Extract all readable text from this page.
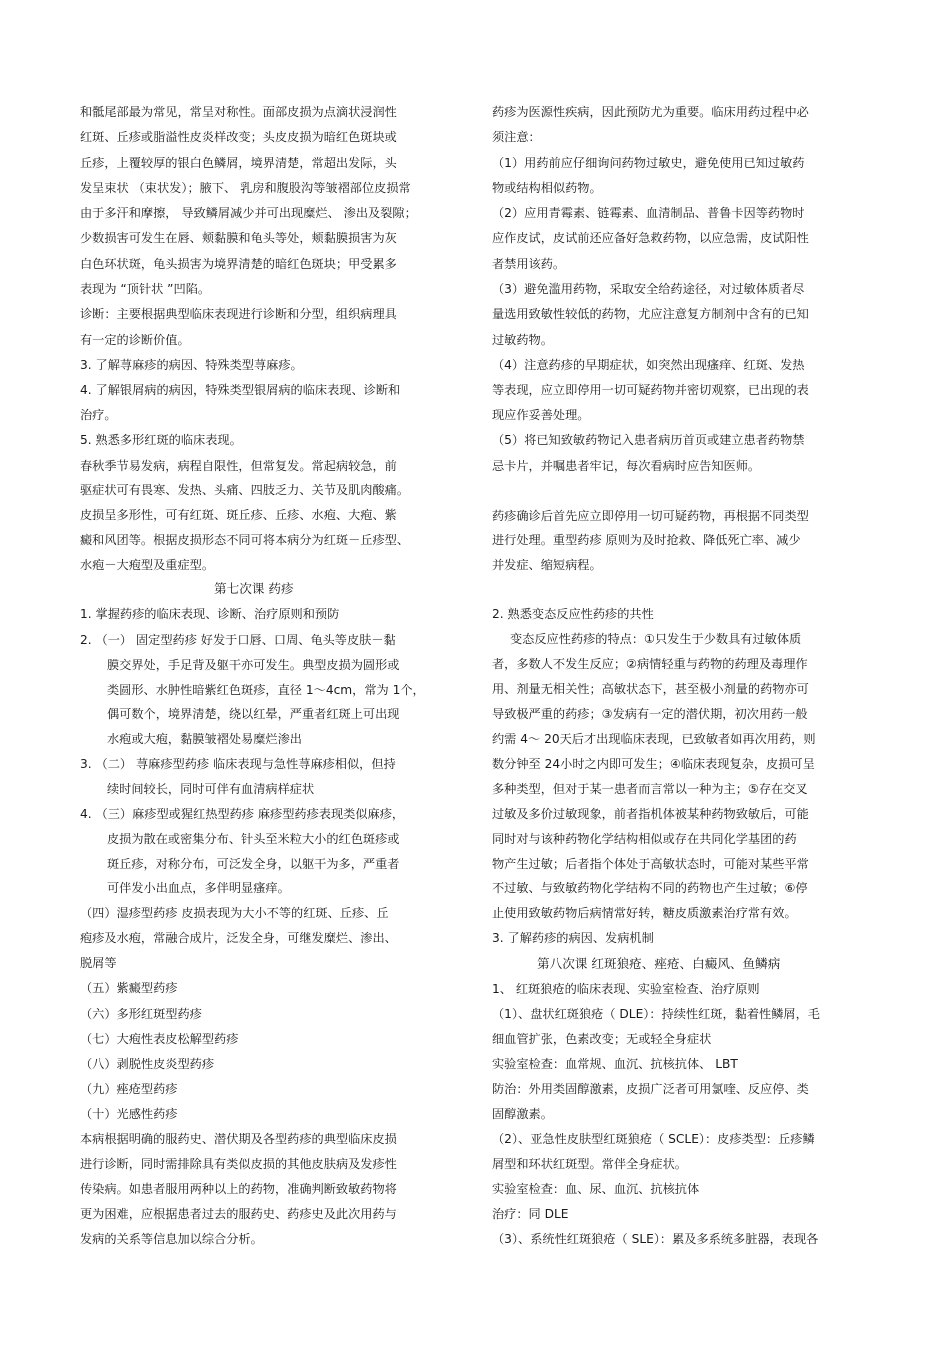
和骶尾部最为常见，常呈对称性。面部皮损为点滴状浸润性
红斑、丘疹或脂溢性皮炎样改变；头皮皮损为暗红色斑块或
丘疹，上覆较厚的银白色鳞屑，境界清楚，常超出发际，头
发呈束状 （束状发）；腋下、 乳房和腹股沟等皱褶部位皮损常
由于多汗和摩擦， 导致鳞屑减少并可出现糜烂、 渗出及裂隙；
少数损害可发生在唇、颊黏膜和龟头等处，颊黏膜损害为灰
白色环状斑，龟头损害为境界清楚的暗红色斑块；甲受累多
表现为 “顶针状 ”凹陷。
诊断：主要根据典型临床表现进行诊断和分型，组织病理具
有一定的诊断价值。
3. 了解荨麻疹的病因、特殊类型荨麻疹。
4. 了解银屑病的病因，特殊类型银屑病的临床表现、诊断和
治疗。
5. 熟悉多形红斑的临床表现。
春秋季节易发病，病程自限性，但常复发。常起病较急，前
驱症状可有畏寒、发热、头痛、四肢乏力、关节及肌肉酸痛。
皮损呈多形性，可有红斑、斑丘疹、丘疹、水疱、大疱、紫
癜和风团等。根据皮损形态不同可将本病分为红斑－丘疹型、
水疱－大疱型及重症型。
第七次课 药疹
1. 掌握药疹的临床表现、诊断、治疗原则和预防
2. （一） 固定型药疹 好发于口唇、口周、龟头等皮肤－黏
膜交界处，手足背及躯干亦可发生。典型皮损为圆形或
类圆形、水肿性暗紫红色斑疹，直径 1～4cm，常为 1个，
偶可数个，境界清楚，绕以红晕，严重者红斑上可出现
水疱或大疱，黏膜皱褶处易糜烂渗出
3. （二） 荨麻疹型药疹 临床表现与急性荨麻疹相似，但持
续时间较长，同时可伴有血清病样症状
4. （三）麻疹型或猩红热型药疹 麻疹型药疹表现类似麻疹，
皮损为散在或密集分布、针头至米粒大小的红色斑疹或
斑丘疹，对称分布，可泛发全身，以躯干为多，严重者
可伴发小出血点，多伴明显瘙痒。
（四）湿疹型药疹 皮损表现为大小不等的红斑、丘疹、丘
疱疹及水疱，常融合成片，泛发全身，可继发糜烂、渗出、
脱屑等
（五）紫癜型药疹
（六）多形红斑型药疹
（七）大疱性表皮松解型药疹
（八）剥脱性皮炎型药疹
（九）痤疮型药疹
（十）光感性药疹
本病根据明确的服药史、潜伏期及各型药疹的典型临床皮损
进行诊断，同时需排除具有类似皮损的其他皮肤病及发疹性
传染病。如患者服用两种以上的药物，准确判断致敏药物将
更为困难，应根据患者过去的服药史、药疹史及此次用药与
发病的关系等信息加以综合分析。
药疹为医源性疾病，因此预防尤为重要。临床用药过程中必
须注意：
（1）用药前应仔细询问药物过敏史，避免使用已知过敏药
物或结构相似药物。
（2）应用青霉素、链霉素、血清制品、普鲁卡因等药物时
应作皮试，皮试前还应备好急救药物，以应急需，皮试阳性
者禁用该药。
（3）避免滥用药物，采取安全给药途径，对过敏体质者尽
量选用致敏性较低的药物，尤应注意复方制剂中含有的已知
过敏药物。
（4）注意药疹的早期症状，如突然出现瘙痒、红斑、发热
等表现，应立即停用一切可疑药物并密切观察，已出现的表
现应作妥善处理。
（5）将已知致敏药物记入患者病历首页或建立患者药物禁
忌卡片，并嘱患者牢记，每次看病时应告知医师。
药疹确诊后首先应立即停用一切可疑药物，再根据不同类型
进行处理。重型药疹 原则为及时抢救、降低死亡率、减少
并发症、缩短病程。
2. 熟悉变态反应性药疹的共性
变态反应性药疹的特点：①只发生于少数具有过敏体质
者，多数人不发生反应；②病情轻重与药物的药理及毒理作
用、剂量无相关性；高敏状态下，甚至极小剂量的药物亦可
导致极严重的药疹；③发病有一定的潜伏期，初次用药一般
约需 4～ 20天后才出现临床表现，已致敏者如再次用药，则
数分钟至 24小时之内即可发生；④临床表现复杂，皮损可呈
多种类型，但对于某一患者而言常以一种为主；⑤存在交叉
过敏及多价过敏现象，前者指机体被某种药物致敏后，可能
同时对与该种药物化学结构相似或存在共同化学基团的药
物产生过敏；后者指个体处于高敏状态时，可能对某些平常
不过敏、与致敏药物化学结构不同的药物也产生过敏；⑥停
止使用致敏药物后病情常好转，糖皮质激素治疗常有效。
3. 了解药疹的病因、发病机制
第八次课 红斑狼疮、痤疮、白癜风、鱼鳞病
1、 红斑狼疮的临床表现、实验室检查、治疗原则
（1）、盘状红斑狼疮（ DLE）：持续性红斑，黏着性鳞屑，毛
细血管扩张，色素改变；无或轻全身症状
实验室检查：血常规、血沉、抗核抗体、 LBT
防治：外用类固醇激素，皮损广泛者可用氯喹、反应停、类
固醇激素。
（2）、亚急性皮肤型红斑狼疮（ SCLE）：皮疹类型：丘疹鳞
屑型和环状红斑型。常伴全身症状。
实验室检查：血、尿、血沉、抗核抗体
治疗：同 DLE
（3）、系统性红斑狼疮（ SLE）：累及多系统多脏器，表现各
